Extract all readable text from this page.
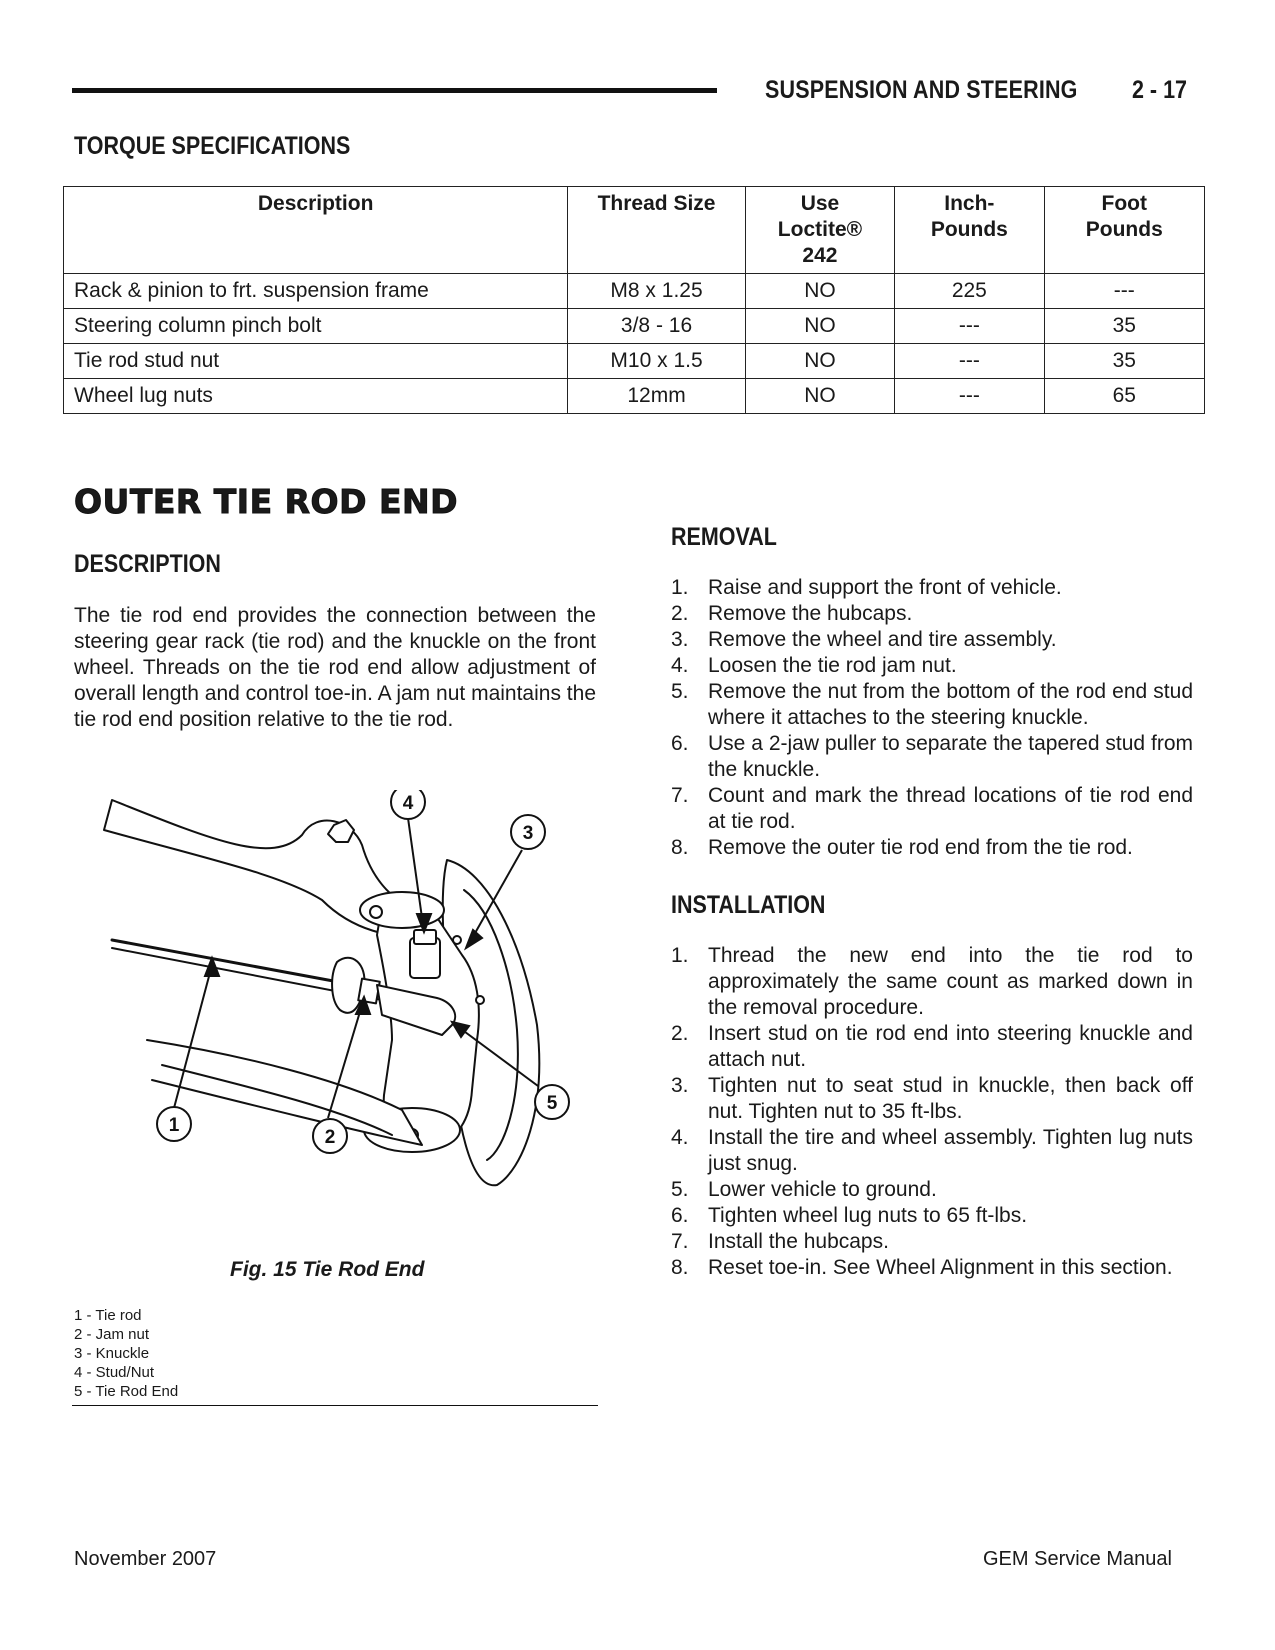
SUSPENSION AND STEERING 2 - 17
TORQUE SPECIFICATIONS
Description	Thread Size	Use Loctite® 242	Inch-Pounds	Foot Pounds
Rack & pinion to frt. suspension frame	M8 x 1.25	NO	225	---
Steering column pinch bolt	3/8 - 16	NO	---	35
Tie rod stud nut	M10 x 1.5	NO	---	35
Wheel lug nuts	12mm	NO	---	65
OUTER TIE ROD END
DESCRIPTION

The tie rod end provides the connection between the steering gear rack (tie rod) and the knuckle on the front wheel. Threads on the tie rod end allow adjustment of overall length and control toe-in. A jam nut maintains the tie rod end position relative to the tie rod.

1
2
3
4
5
Fig. 15 Tie Rod End
1 - Tie rod
2 - Jam nut
3 - Knuckle
4 - Stud/Nut
5 - Tie Rod End
REMOVAL
1. Raise and support the front of vehicle.
2. Remove the hubcaps.
3. Remove the wheel and tire assembly.
4. Loosen the tie rod jam nut.
5. Remove the nut from the bottom of the rod end stud where it attaches to the steering knuckle.
6. Use a 2-jaw puller to separate the tapered stud from the knuckle.
7. Count and mark the thread locations of tie rod end at tie rod.
8. Remove the outer tie rod end from the tie rod.
INSTALLATION
1. Thread the new end into the tie rod to approximately the same count as marked down in the removal procedure.
2. Insert stud on tie rod end into steering knuckle and attach nut.
3. Tighten nut to seat stud in knuckle, then back off nut. Tighten nut to 35 ft-lbs.
4. Install the tire and wheel assembly. Tighten lug nuts just snug.
5. Lower vehicle to ground.
6. Tighten wheel lug nuts to 65 ft-lbs.
7. Install the hubcaps.
8. Reset toe-in. See Wheel Alignment in this section.
November 2007	GEM Service Manual
